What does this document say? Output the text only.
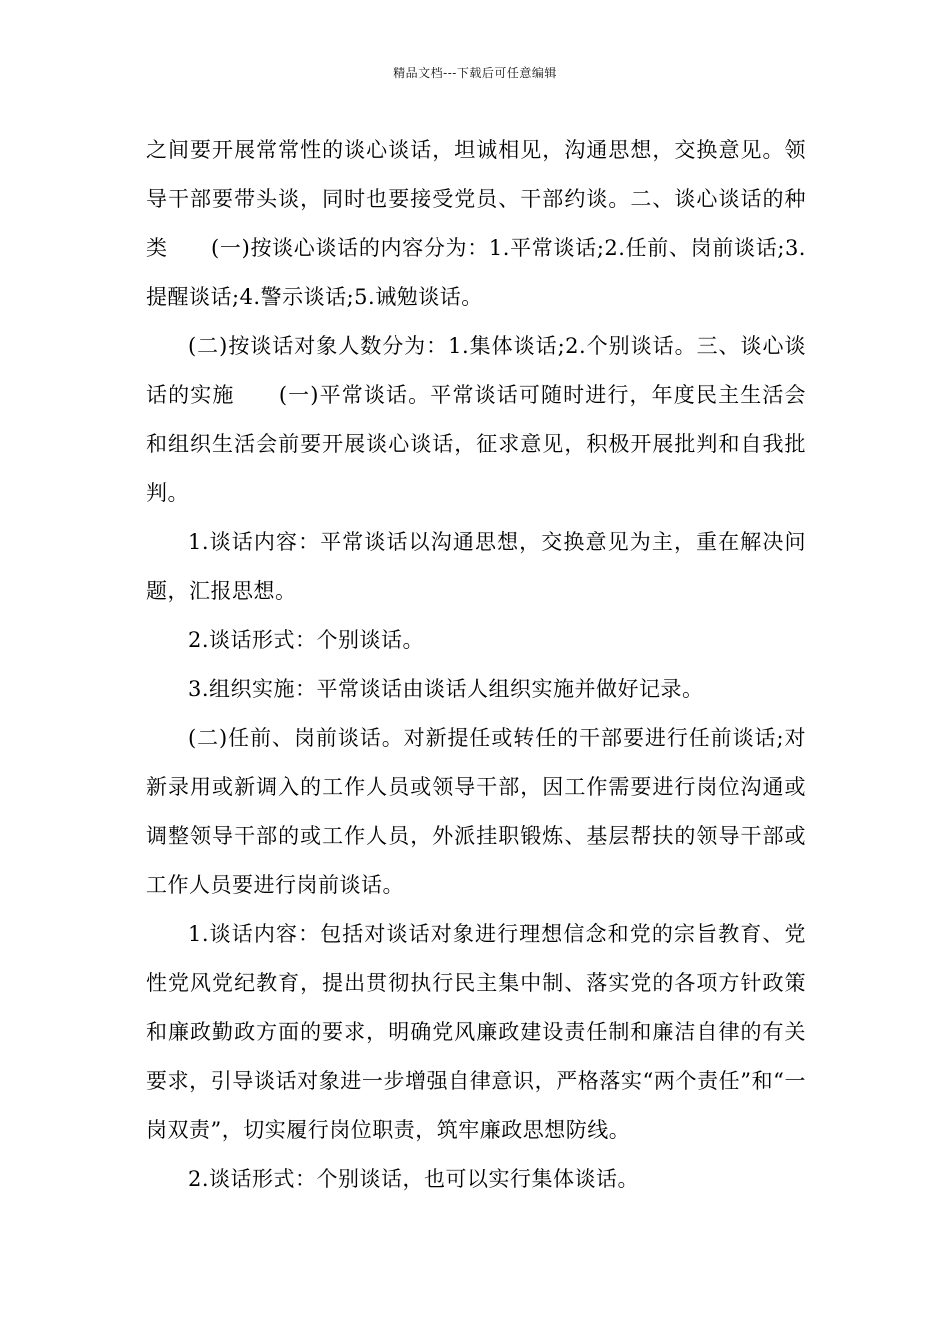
精品文档---下载后可任意编辑

之间要开展常常性的谈心谈话，坦诚相见，沟通思想，交换意见。领导干部要带头谈，同时也要接受党员、干部约谈。二、谈心谈话的种类　　(一)按谈心谈话的内容分为：1.平常谈话;2.任前、岗前谈话;3.提醒谈话;4.警示谈话;5.诫勉谈话。

(二)按谈话对象人数分为：1.集体谈话;2.个别谈话。三、谈心谈话的实施　　(一)平常谈话。平常谈话可随时进行，年度民主生活会和组织生活会前要开展谈心谈话，征求意见，积极开展批判和自我批判。

1.谈话内容：平常谈话以沟通思想，交换意见为主，重在解决问题，汇报思想。

2.谈话形式：个别谈话。

3.组织实施：平常谈话由谈话人组织实施并做好记录。

(二)任前、岗前谈话。对新提任或转任的干部要进行任前谈话;对新录用或新调入的工作人员或领导干部，因工作需要进行岗位沟通或调整领导干部的或工作人员，外派挂职锻炼、基层帮扶的领导干部或工作人员要进行岗前谈话。

1.谈话内容：包括对谈话对象进行理想信念和党的宗旨教育、党性党风党纪教育，提出贯彻执行民主集中制、落实党的各项方针政策和廉政勤政方面的要求，明确党风廉政建设责任制和廉洁自律的有关要求，引导谈话对象进一步增强自律意识，严格落实“两个责任”和“一岗双责”，切实履行岗位职责，筑牢廉政思想防线。

2.谈话形式：个别谈话，也可以实行集体谈话。
